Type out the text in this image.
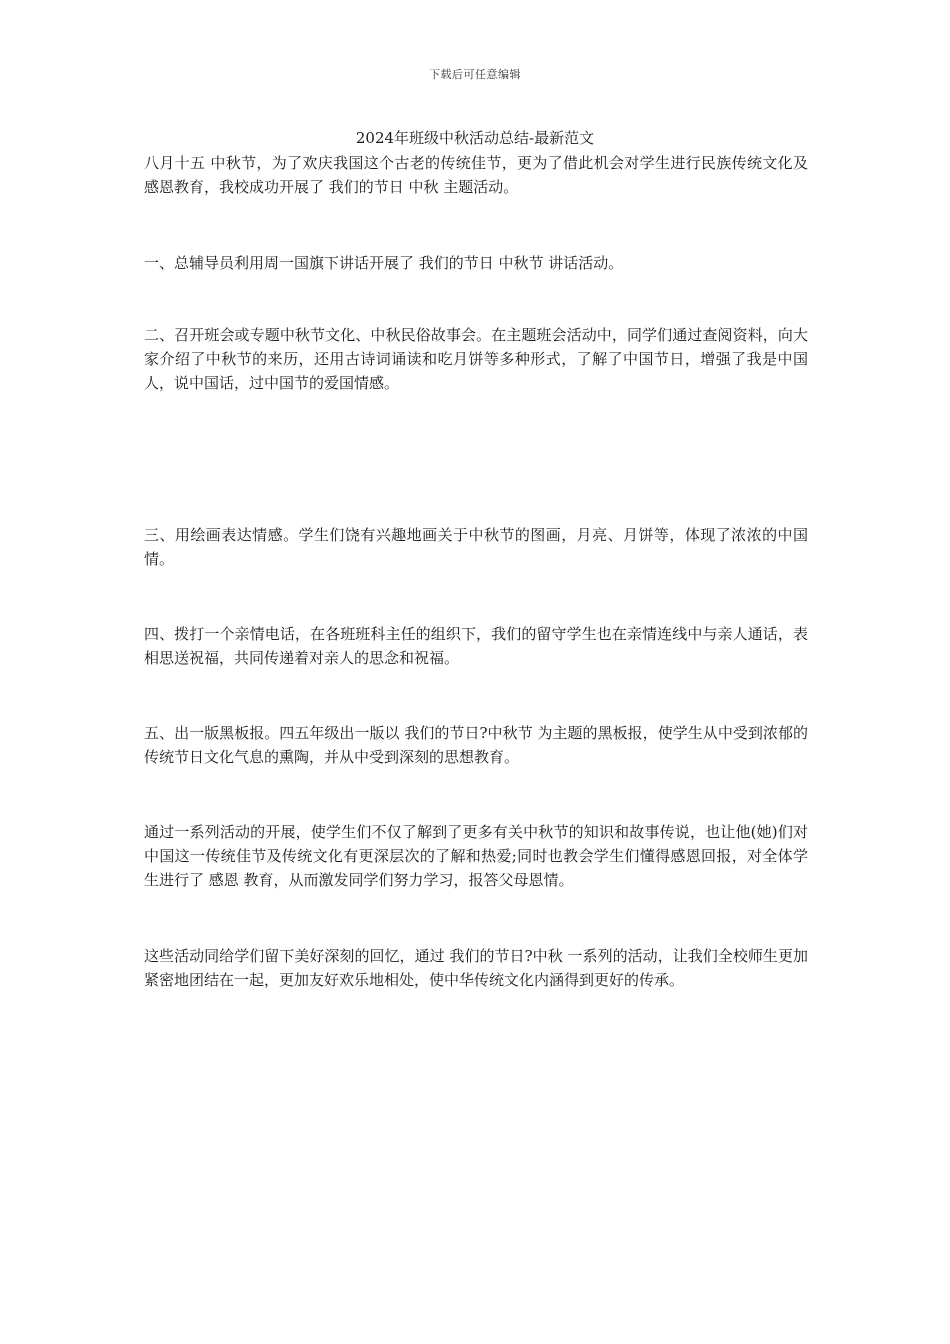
下载后可任意编辑
2024年班级中秋活动总结-最新范文

八月十五 中秋节，为了欢庆我国这个古老的传统佳节，更为了借此机会对学生进行民族传统文化及感恩教育，我校成功开展了 我们的节日 中秋 主题活动。

一、总辅导员利用周一国旗下讲话开展了 我们的节日 中秋节 讲话活动。

二、召开班会或专题中秋节文化、中秋民俗故事会。在主题班会活动中，同学们通过查阅资料，向大家介绍了中秋节的来历，还用古诗词诵读和吃月饼等多种形式，了解了中国节日，增强了我是中国人，说中国话，过中国节的爱国情感。

三、用绘画表达情感。学生们饶有兴趣地画关于中秋节的图画，月亮、月饼等，体现了浓浓的中国情。

四、拨打一个亲情电话，在各班班科主任的组织下，我们的留守学生也在亲情连线中与亲人通话，表相思送祝福，共同传递着对亲人的思念和祝福。

五、出一版黑板报。四五年级出一版以 我们的节日?中秋节 为主题的黑板报，使学生从中受到浓郁的传统节日文化气息的熏陶，并从中受到深刻的思想教育。

通过一系列活动的开展，使学生们不仅了解到了更多有关中秋节的知识和故事传说，也让他(她)们对中国这一传统佳节及传统文化有更深层次的了解和热爱;同时也教会学生们懂得感恩回报，对全体学生进行了 感恩 教育，从而激发同学们努力学习，报答父母恩情。

这些活动同给学们留下美好深刻的回忆，通过 我们的节日?中秋 一系列的活动，让我们全校师生更加紧密地团结在一起，更加友好欢乐地相处，使中华传统文化内涵得到更好的传承。
